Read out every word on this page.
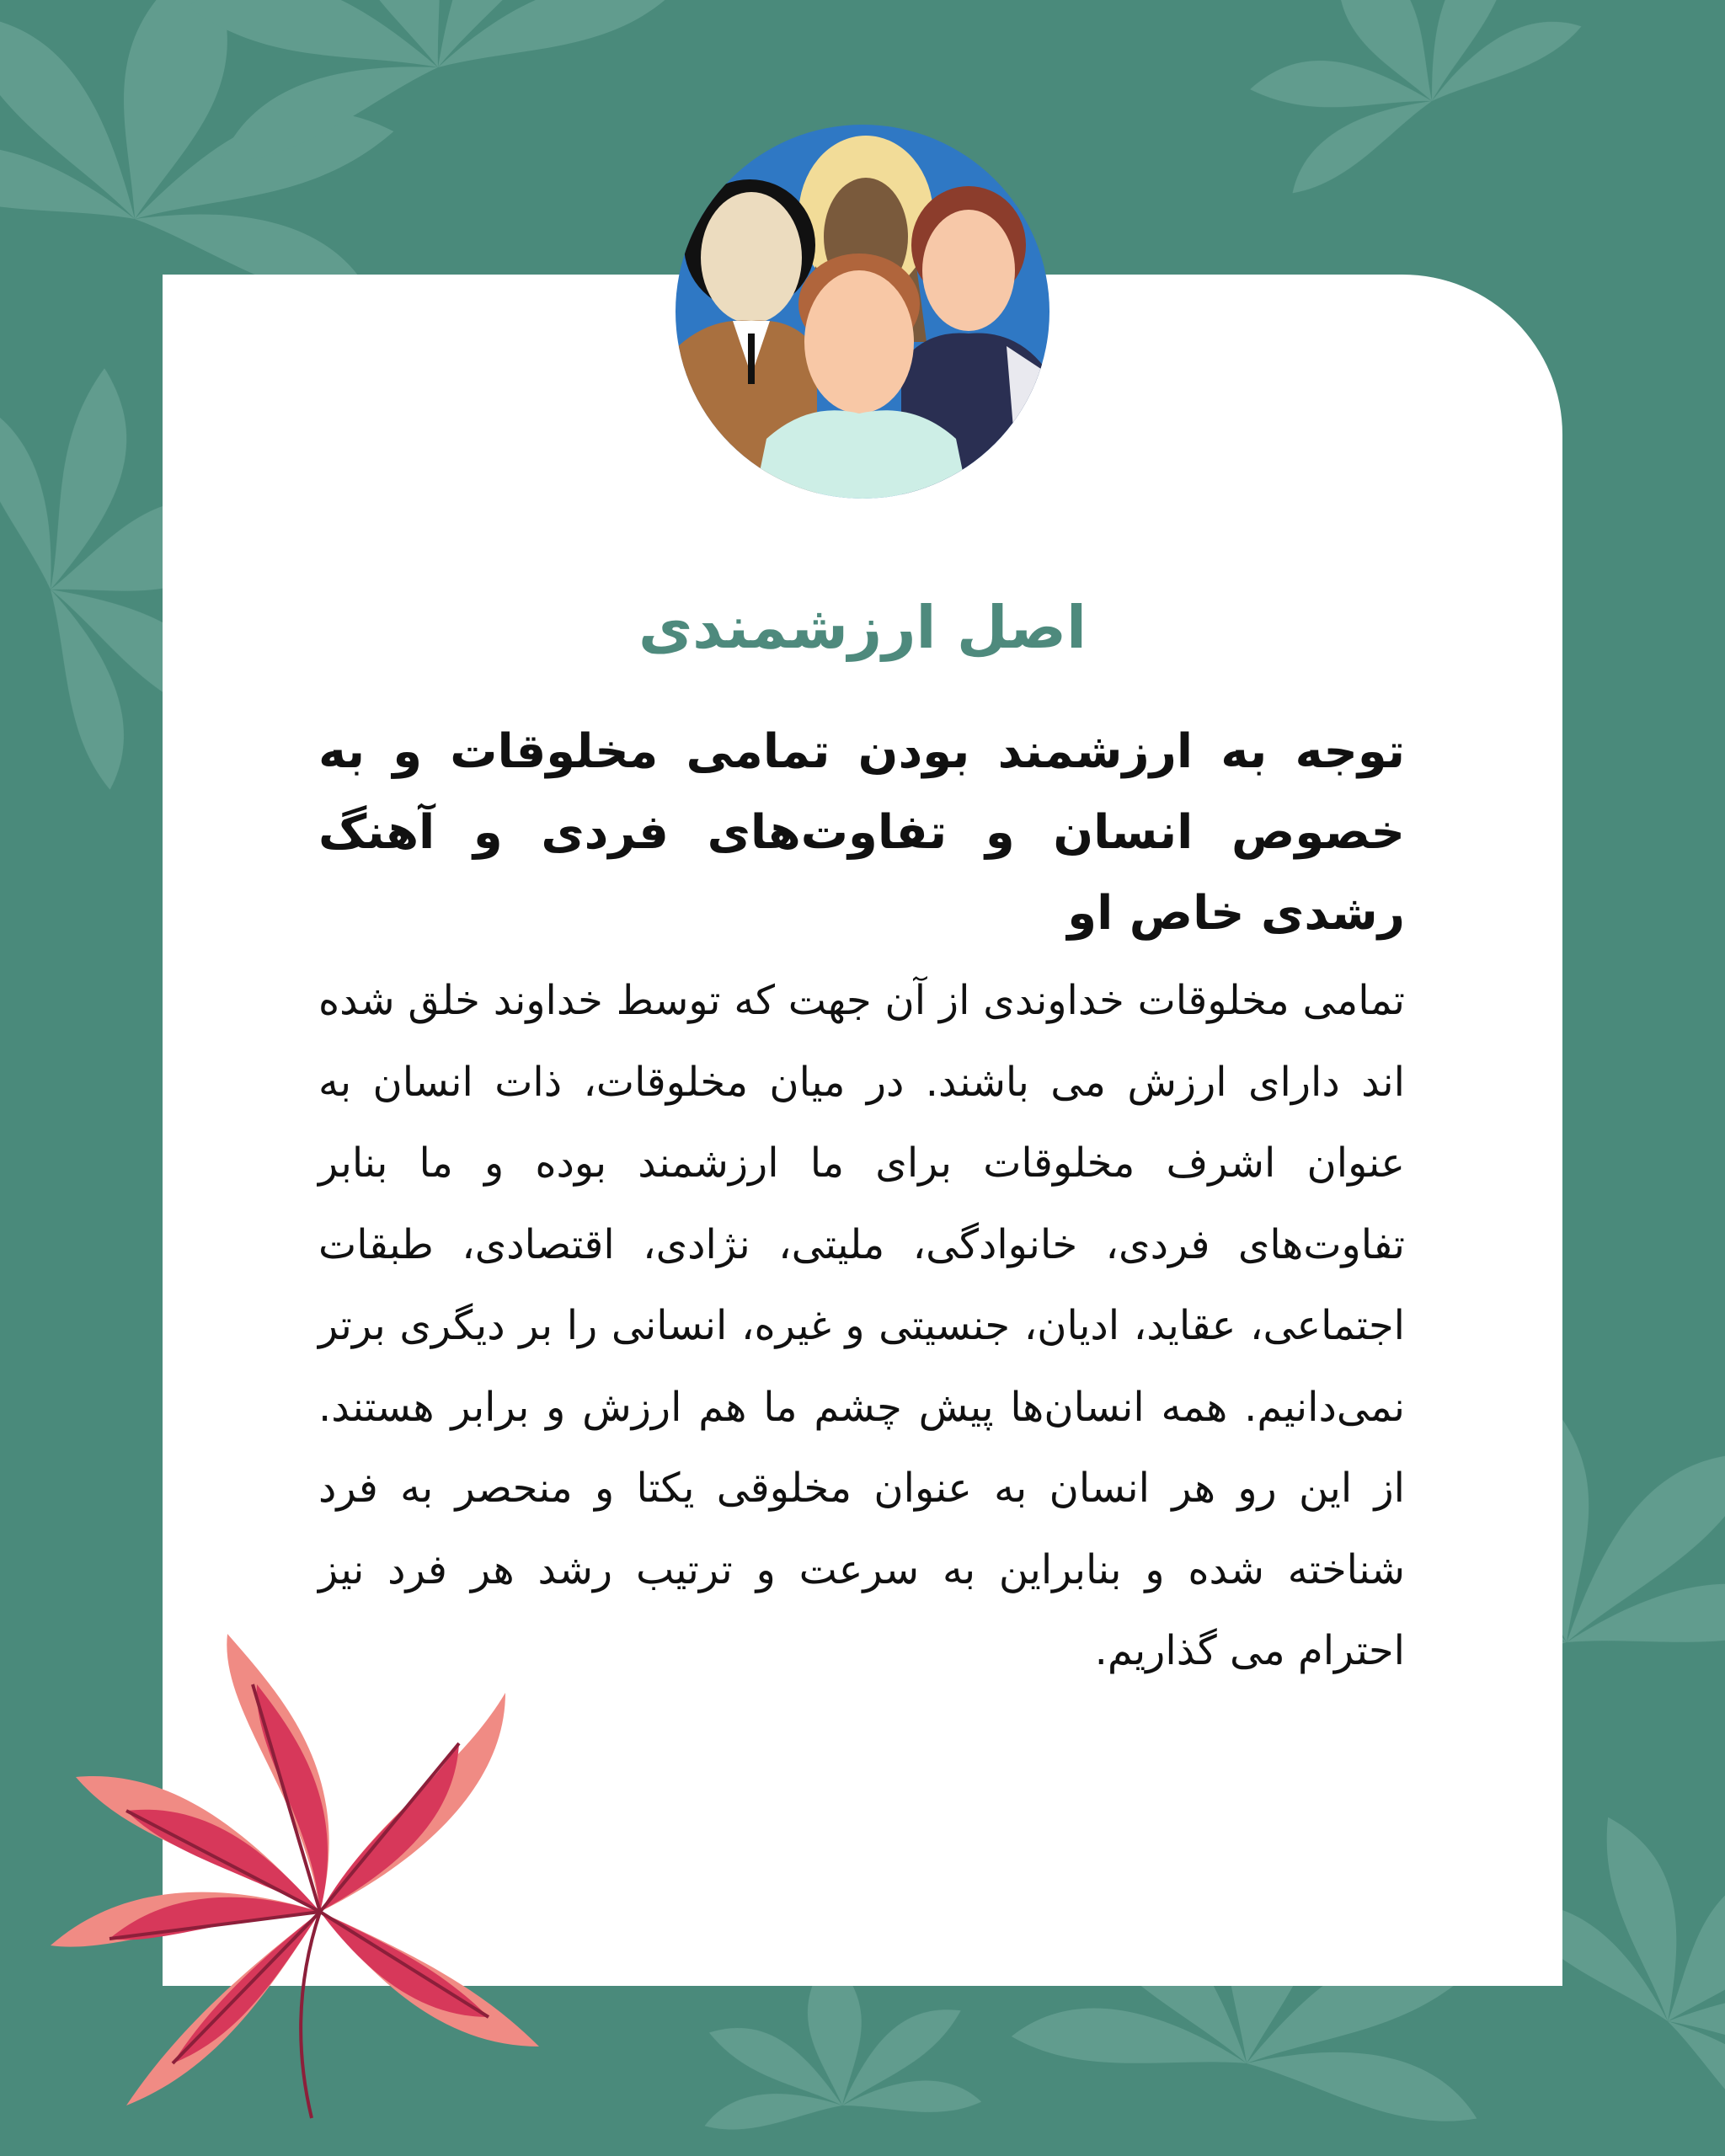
اصل ارزشمندی

توجه به ارزشمند بودن تمامی مخلوقات و به خصوص انسان و تفاوت‌های فردی و آهنگ رشدی خاص او

تمامی مخلوقات خداوندی از آن جهت که توسط خداوند خلق شده اند دارای ارزش می باشند. در میان مخلوقات، ذات انسان به عنوان اشرف مخلوقات برای ما ارزشمند بوده و ما بنابر تفاوت‌های فردی، خانوادگی، ملیتی، نژادی، اقتصادی، طبقات اجتماعی، عقاید، ادیان، جنسیتی و غیره، انسانی را بر دیگری برتر نمی‌دانیم. همه انسان‌ها پیش چشم ما هم ارزش و برابر هستند. از این رو هر انسان به عنوان مخلوقی یکتا و منحصر به فرد شناخته شده و بنابراین به سرعت و ترتیب رشد هر فرد نیز احترام می گذاریم.
